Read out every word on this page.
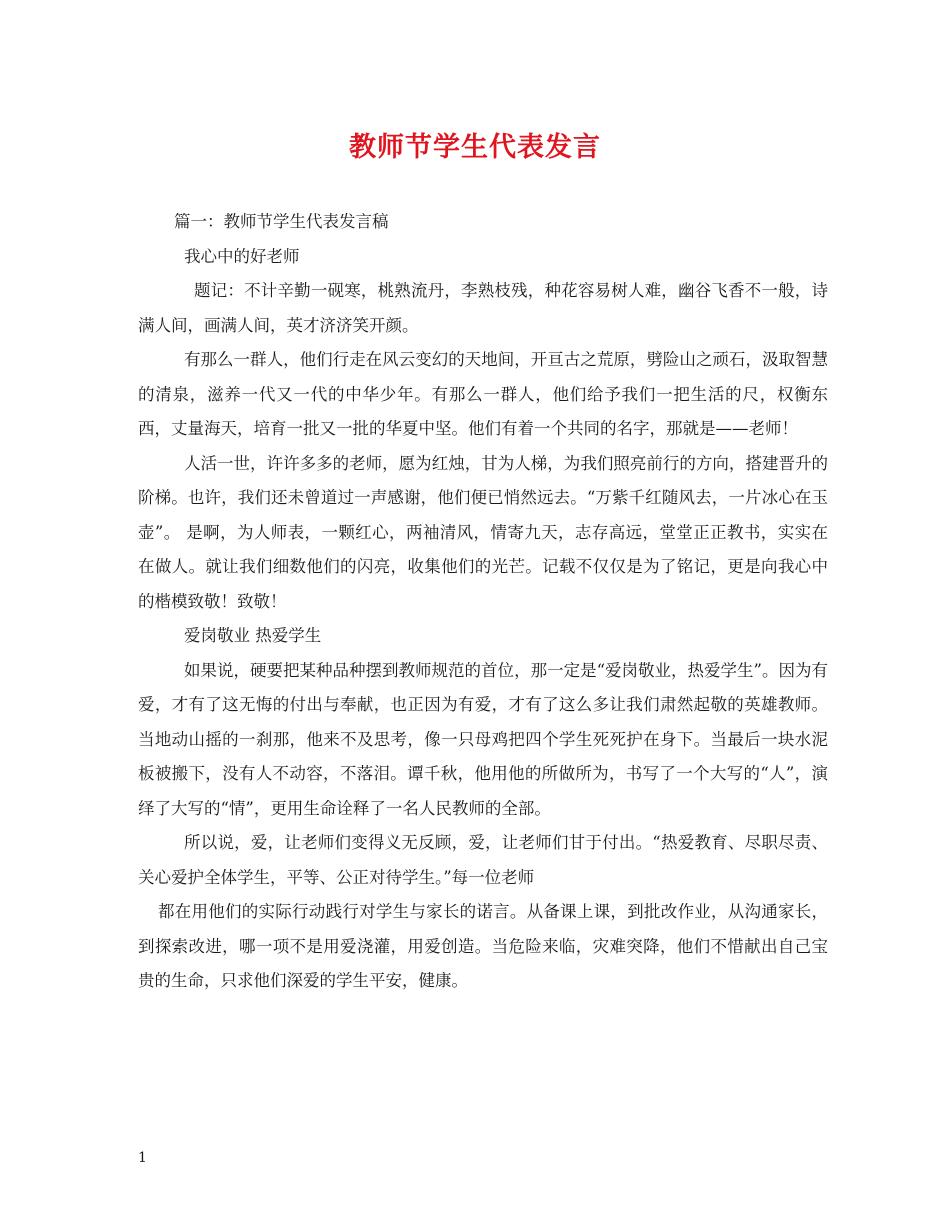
教师节学生代表发言

篇一：教师节学生代表发言稿

我心中的好老师

题记：不计辛勤一砚寒，桃熟流丹，李熟枝残，种花容易树人难，幽谷飞香不一般，诗满人间，画满人间，英才济济笑开颜。

有那么一群人，他们行走在风云变幻的天地间，开亘古之荒原，劈险山之顽石，汲取智慧的清泉，滋养一代又一代的中华少年。有那么一群人，他们给予我们一把生活的尺，权衡东西，丈量海天，培育一批又一批的华夏中坚。他们有着一个共同的名字，那就是——老师！

人活一世，许许多多的老师，愿为红烛，甘为人梯，为我们照亮前行的方向，搭建晋升的阶梯。也许，我们还未曾道过一声感谢，他们便已悄然远去。“万紫千红随风去，一片冰心在玉壶”。 是啊，为人师表，一颗红心，两袖清风，情寄九天，志存高远，堂堂正正教书，实实在在做人。就让我们细数他们的闪亮，收集他们的光芒。记载不仅仅是为了铭记，更是向我心中的楷模致敬！致敬！

爱岗敬业 热爱学生

如果说，硬要把某种品种摆到教师规范的首位，那一定是“爱岗敬业，热爱学生”。因为有爱，才有了这无悔的付出与奉献，也正因为有爱，才有了这么多让我们肃然起敬的英雄教师。当地动山摇的一刹那，他来不及思考，像一只母鸡把四个学生死死护在身下。当最后一块水泥板被搬下，没有人不动容，不落泪。谭千秋，他用他的所做所为，书写了一个大写的“人”，演绎了大写的“情”，更用生命诠释了一名人民教师的全部。

所以说，爱，让老师们变得义无反顾，爱，让老师们甘于付出。“热爱教育、尽职尽责、关心爱护全体学生，平等、公正对待学生。”每一位老师

都在用他们的实际行动践行对学生与家长的诺言。从备课上课，到批改作业，从沟通家长，到探索改进，哪一项不是用爱浇灌，用爱创造。当危险来临，灾难突降，他们不惜献出自己宝贵的生命，只求他们深爱的学生平安，健康。

1
